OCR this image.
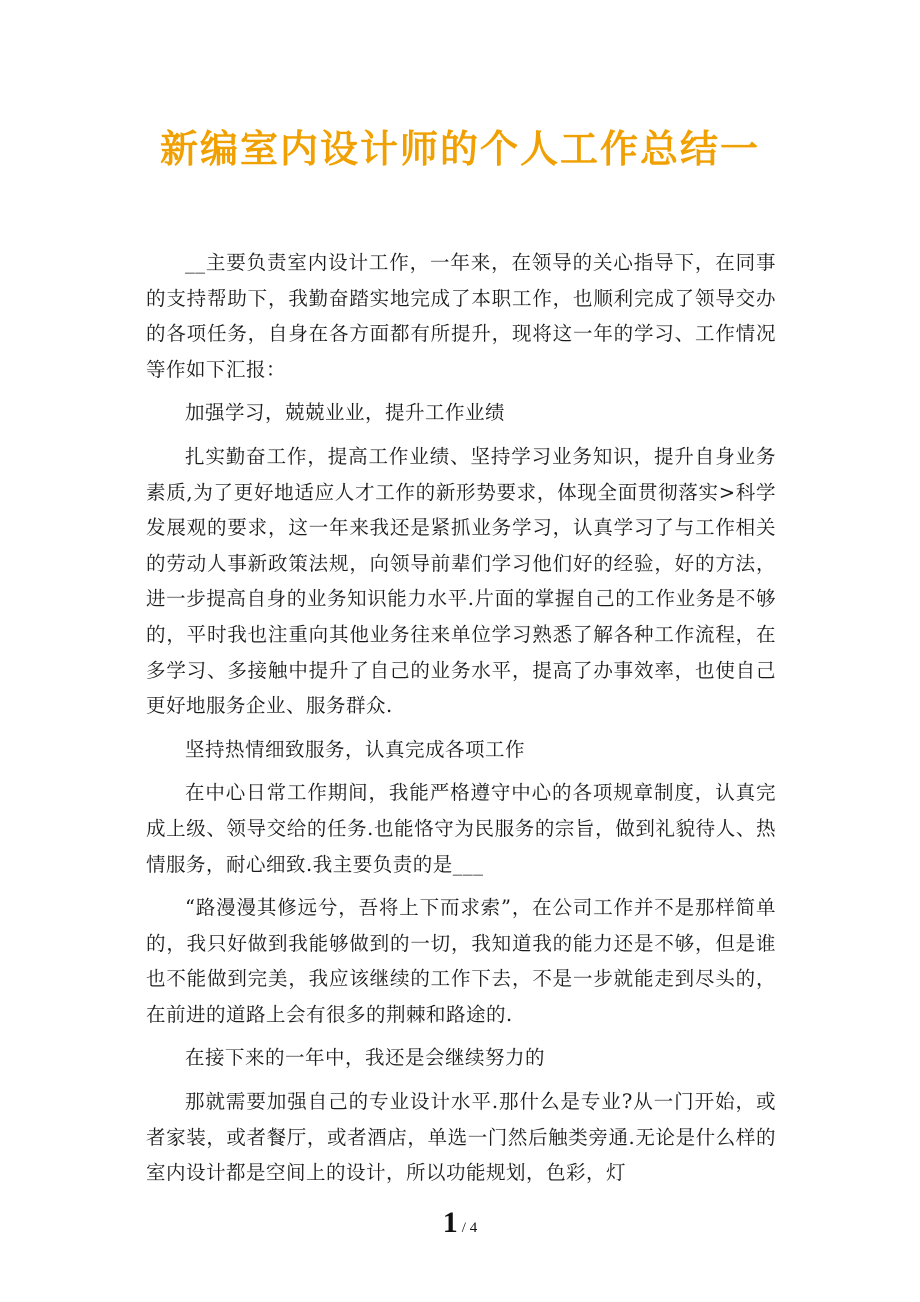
新编室内设计师的个人工作总结一

__主要负责室内设计工作，一年来，在领导的关心指导下，在同事的支持帮助下，我勤奋踏实地完成了本职工作，也顺利完成了领导交办的各项任务，自身在各方面都有所提升，现将这一年的学习、工作情况等作如下汇报：

加强学习，兢兢业业，提升工作业绩

扎实勤奋工作，提高工作业绩、坚持学习业务知识，提升自身业务素质,为了更好地适应人才工作的新形势要求，体现全面贯彻落实>科学发展观的要求，这一年来我还是紧抓业务学习，认真学习了与工作相关的劳动人事新政策法规，向领导前辈们学习他们好的经验，好的方法，进一步提高自身的业务知识能力水平.片面的掌握自己的工作业务是不够的，平时我也注重向其他业务往来单位学习熟悉了解各种工作流程，在多学习、多接触中提升了自己的业务水平，提高了办事效率，也使自己更好地服务企业、服务群众.

坚持热情细致服务，认真完成各项工作

在中心日常工作期间，我能严格遵守中心的各项规章制度，认真完成上级、领导交给的任务.也能恪守为民服务的宗旨，做到礼貌待人、热情服务，耐心细致.我主要负责的是___

“路漫漫其修远兮，吾将上下而求索”，在公司工作并不是那样简单的，我只好做到我能够做到的一切，我知道我的能力还是不够，但是谁也不能做到完美，我应该继续的工作下去，不是一步就能走到尽头的，在前进的道路上会有很多的荆棘和路途的.

在接下来的一年中，我还是会继续努力的

那就需要加强自己的专业设计水平.那什么是专业?从一门开始，或者家装，或者餐厅，或者酒店，单选一门然后触类旁通.无论是什么样的室内设计都是空间上的设计，所以功能规划，色彩，灯

1 / 4
